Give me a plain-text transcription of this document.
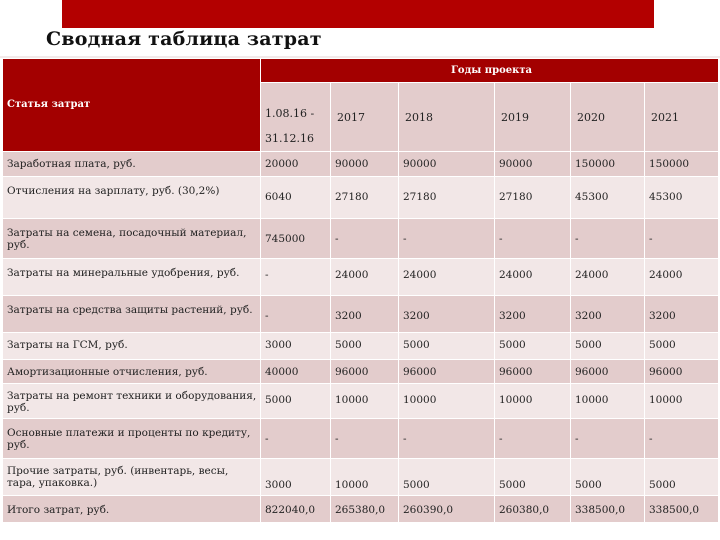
Сводная таблица затрат
Статья затрат	Годы проекта					
	1.08.16 - 31.12.16	2017	2018	2019	2020	2021
Заработная плата, руб.	20000	90000	90000	90000	150000	150000
Отчисления на зарплату, руб. (30,2%)	6040	27180	27180	27180	45300	45300
Затраты на семена, посадочный материал, руб.	745000	-	-	-	-	-
Затраты на минеральные удобрения, руб.	-	24000	24000	24000	24000	24000
Затраты на средства защиты растений, руб.	-	3200	3200	3200	3200	3200
Затраты на ГСМ, руб.	3000	5000	5000	5000	5000	5000
Амортизационные отчисления, руб.	40000	96000	96000	96000	96000	96000
Затраты на ремонт техники и оборудования, руб.	5000	10000	10000	10000	10000	10000
Основные платежи и проценты по кредиту, руб.	-	-	-	-	-	-
Прочие затраты, руб. (инвентарь, весы, тара, упаковка.)	3000	10000	5000	5000	5000	5000
Итого затрат, руб.	822040,0	265380,0	260390,0	260380,0	338500,0	338500,0
